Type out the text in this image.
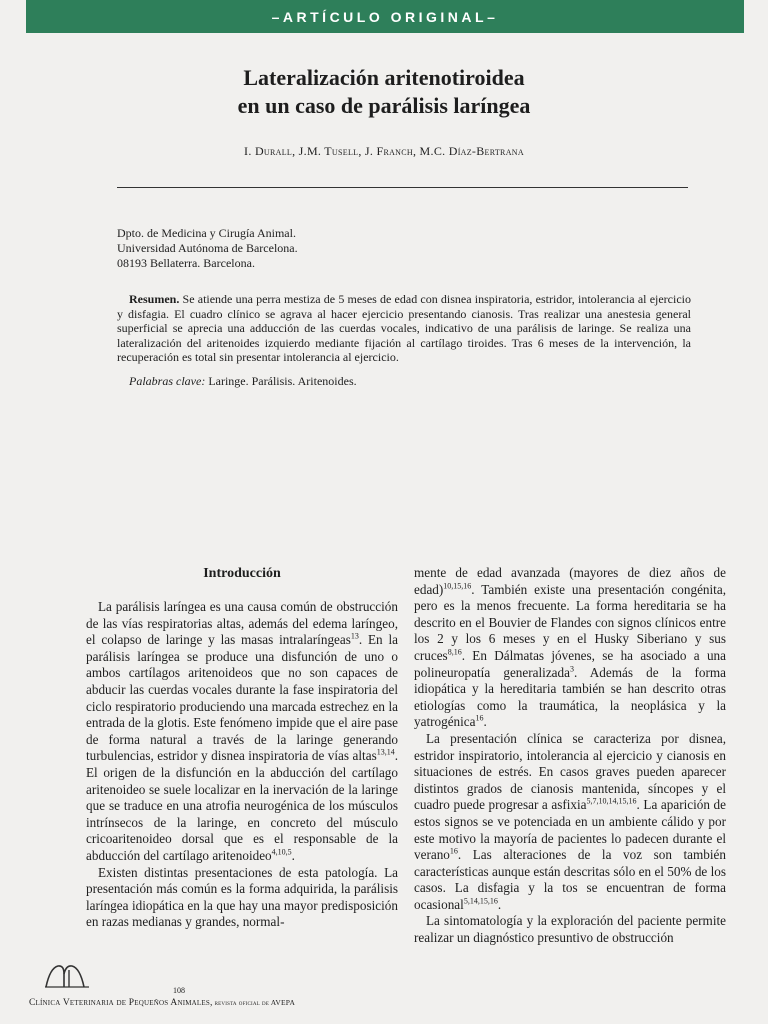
–ARTÍCULO ORIGINAL–
Lateralización aritenotiroidea
en un caso de parálisis laríngea
I. Durall, J.M. Tusell, J. Franch, M.C. Díaz-Bertrana
Dpto. de Medicina y Cirugía Animal.
Universidad Autónoma de Barcelona.
08193 Bellaterra. Barcelona.
Resumen. Se atiende una perra mestiza de 5 meses de edad con disnea inspiratoria, estridor, intolerancia al ejercicio y disfagia. El cuadro clínico se agrava al hacer ejercicio presentando cianosis. Tras realizar una anestesia general superficial se aprecia una adducción de las cuerdas vocales, indicativo de una parálisis de laringe. Se realiza una lateralización del aritenoides izquierdo mediante fijación al cartílago tiroides. Tras 6 meses de la intervención, la recuperación es total sin presentar intolerancia al ejercicio.
Palabras clave: Laringe. Parálisis. Aritenoides.
Introducción

La parálisis laríngea es una causa común de obstrucción de las vías respiratorias altas, además del edema laríngeo, el colapso de laringe y las masas intralaríngeas$^{13}$. En la parálisis laríngea se produce una disfunción de uno o ambos cartílagos aritenoideos que no son capaces de abducir las cuerdas vocales durante la fase inspiratoria del ciclo respiratorio produciendo una marcada estrechez en la entrada de la glotis. Este fenómeno impide que el aire pase de forma natural a través de la laringe generando turbulencias, estridor y disnea inspiratoria de vías altas$^{13,14}$. El origen de la disfunción en la abducción del cartílago aritenoideo se suele localizar en la inervación de la laringe que se traduce en una atrofia neurogénica de los músculos intrínsecos de la laringe, en concreto del músculo cricoaritenoideo dorsal que es el responsable de la abducción del cartílago aritenoideo$^{4,10,5}$.

Existen distintas presentaciones de esta patología. La presentación más común es la forma adquirida, la parálisis laríngea idiopática en la que hay una mayor predisposición en razas medianas y grandes, normal-

mente de edad avanzada (mayores de diez años de edad)$^{10,15,16}$. También existe una presentación congénita, pero es la menos frecuente. La forma hereditaria se ha descrito en el Bouvier de Flandes con signos clínicos entre los 2 y los 6 meses y en el Husky Siberiano y sus cruces$^{8,16}$. En Dálmatas jóvenes, se ha asociado a una polineuropatía generalizada$^3$. Además de la forma idiopática y la hereditaria también se han descrito otras etiologías como la traumática, la neoplásica y la yatrogénica$^{16}$.

La presentación clínica se caracteriza por disnea, estridor inspiratorio, intolerancia al ejercicio y cianosis en situaciones de estrés. En casos graves pueden aparecer distintos grados de cianosis mantenida, síncopes y el cuadro puede progresar a asfixia$^{5,7,10,14,15,16}$. La aparición de estos signos se ve potenciada en un ambiente cálido y por este motivo la mayoría de pacientes lo padecen durante el verano$^{16}$. Las alteraciones de la voz son también características aunque están descritas sólo en el 50% de los casos. La disfagia y la tos se encuentran de forma ocasional$^{5,14,15,16}$.

La sintomatología y la exploración del paciente permite realizar un diagnóstico presuntivo de obstrucción

108
Clínica Veterinaria de Pequeños Animales, revista oficial de AVEPA
